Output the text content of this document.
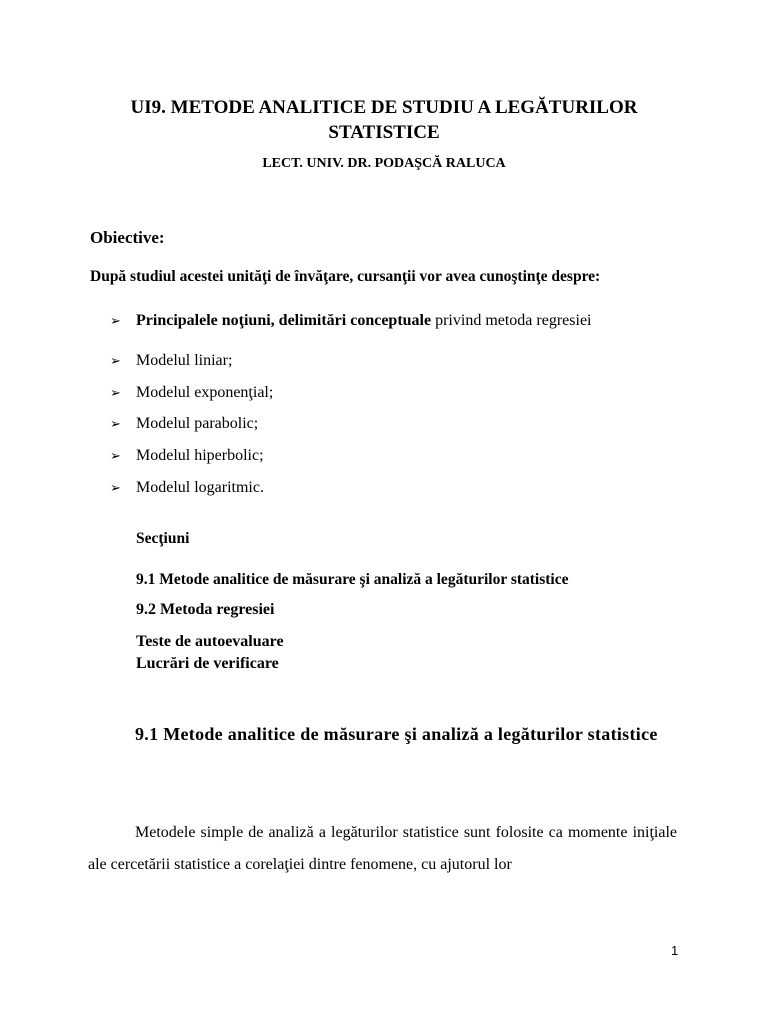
UI9. METODE ANALITICE DE STUDIU A LEGĂTURILOR
STATISTICE
LECT. UNIV. DR. PODAŞCĂ RALUCA
Obiective:
După studiul acestei unităţi de învăţare, cursanţii vor avea cunoştinţe despre:
➢ Principalele noţiuni, delimitări conceptuale privind metoda regresiei
➢ Modelul liniar;
➢ Modelul exponenţial;
➢ Modelul parabolic;
➢ Modelul hiperbolic;
➢ Modelul logaritmic.
Secţiuni
9.1 Metode analitice de măsurare şi analiză a legăturilor statistice
9.2 Metoda regresiei
Teste de autoevaluare
Lucrări de verificare
9.1 Metode analitice de măsurare şi analiză a legăturilor statistice
Metodele simple de analiză a legăturilor statistice sunt folosite ca momente iniţiale ale cercetării statistice a corelaţiei dintre fenomene, cu ajutorul lor
1
